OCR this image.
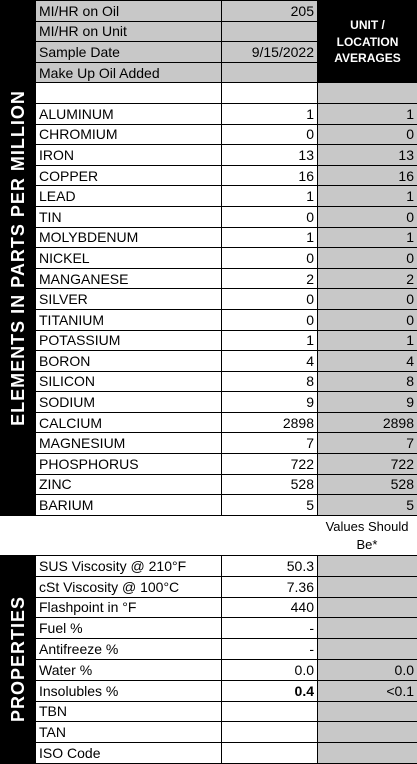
ELEMENTS IN PARTS PER MILLION	MI/HR on Oil	205	UNIT / LOCATION AVERAGES
	MI/HR on Unit		
	Sample Date	9/15/2022	
	Make Up Oil Added		

	ALUMINUM	1	1
	CHROMIUM	0	0
	IRON	13	13
	COPPER	16	16
	LEAD	1	1
	TIN	0	0
	MOLYBDENUM	1	1
	NICKEL	0	0
	MANGANESE	2	2
	SILVER	0	0
	TITANIUM	0	0
	POTASSIUM	1	1
	BORON	4	4
	SILICON	8	8
	SODIUM	9	9
	CALCIUM	2898	2898
	MAGNESIUM	7	7
	PHOSPHORUS	722	722
	ZINC	528	528
	BARIUM	5	5
Values Should Be*
PROPERTIES	SUS Viscosity @ 210°F	50.3	
	cSt Viscosity @ 100°C	7.36	
	Flashpoint in °F	440	
	Fuel %	-	
	Antifreeze %	-	
	Water %	0.0	0.0
	Insolubles %	0.4	<0.1
	TBN		
	TAN		
	ISO Code		
